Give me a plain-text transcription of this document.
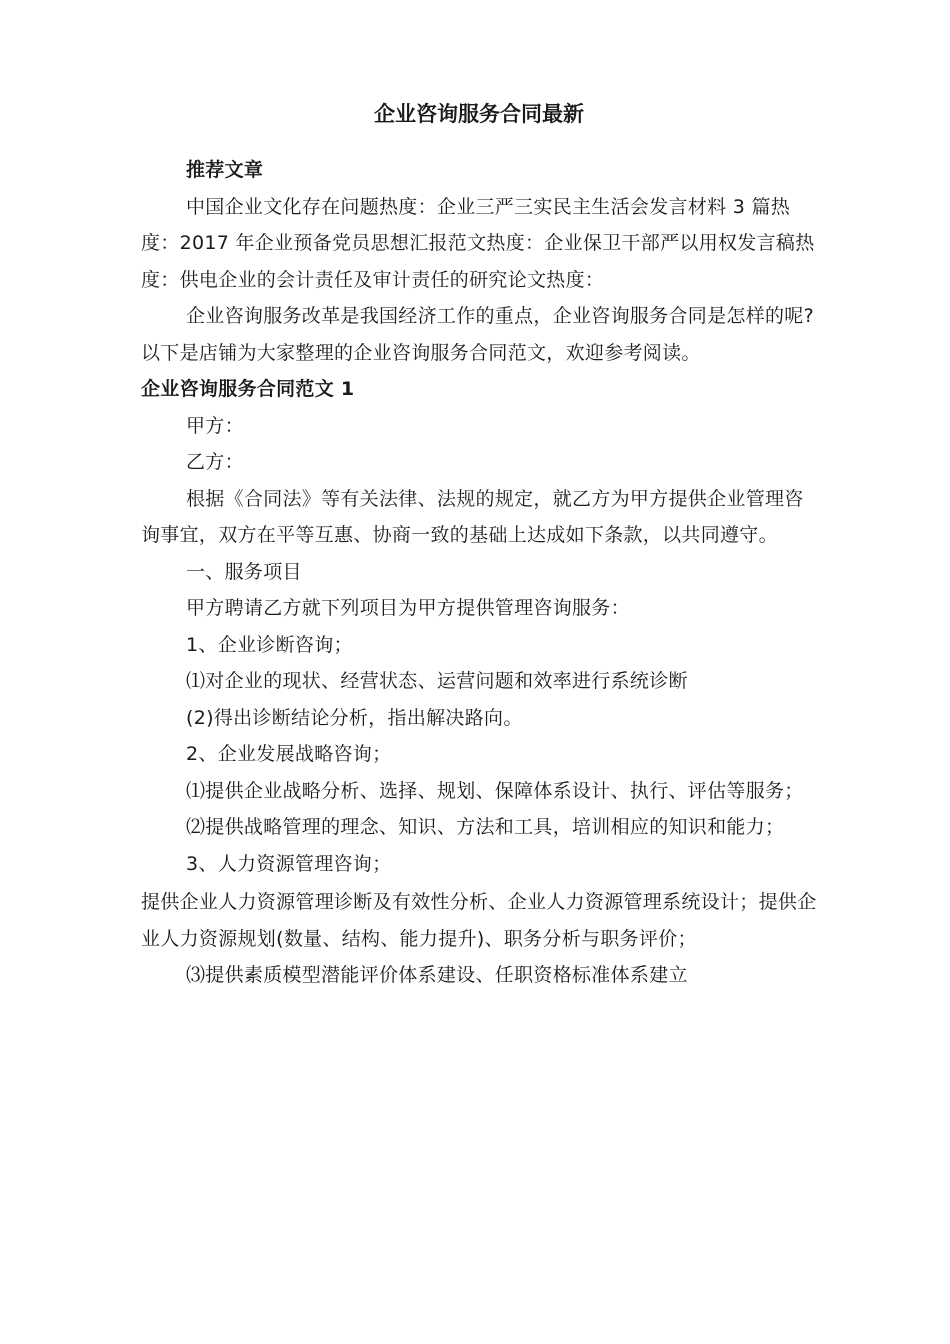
企业咨询服务合同最新

推荐文章

中国企业文化存在问题热度：企业三严三实民主生活会发言材料 3 篇热度：2017 年企业预备党员思想汇报范文热度：企业保卫干部严以用权发言稿热度：供电企业的会计责任及审计责任的研究论文热度：

企业咨询服务改革是我国经济工作的重点，企业咨询服务合同是怎样的呢?以下是店铺为大家整理的企业咨询服务合同范文，欢迎参考阅读。

企业咨询服务合同范文 1

甲方：

乙方：

根据《合同法》等有关法律、法规的规定，就乙方为甲方提供企业管理咨询事宜，双方在平等互惠、协商一致的基础上达成如下条款，以共同遵守。

一、服务项目

甲方聘请乙方就下列项目为甲方提供管理咨询服务：

1、企业诊断咨询；

⑴对企业的现状、经营状态、运营问题和效率进行系统诊断

(2)得出诊断结论分析，指出解决路向。

2、企业发展战略咨询；

⑴提供企业战略分析、选择、规划、保障体系设计、执行、评估等服务；

⑵提供战略管理的理念、知识、方法和工具，培训相应的知识和能力；

3、人力资源管理咨询；

提供企业人力资源管理诊断及有效性分析、企业人力资源管理系统设计；提供企业人力资源规划(数量、结构、能力提升)、职务分析与职务评价；

⑶提供素质模型潜能评价体系建设、任职资格标准体系建立
